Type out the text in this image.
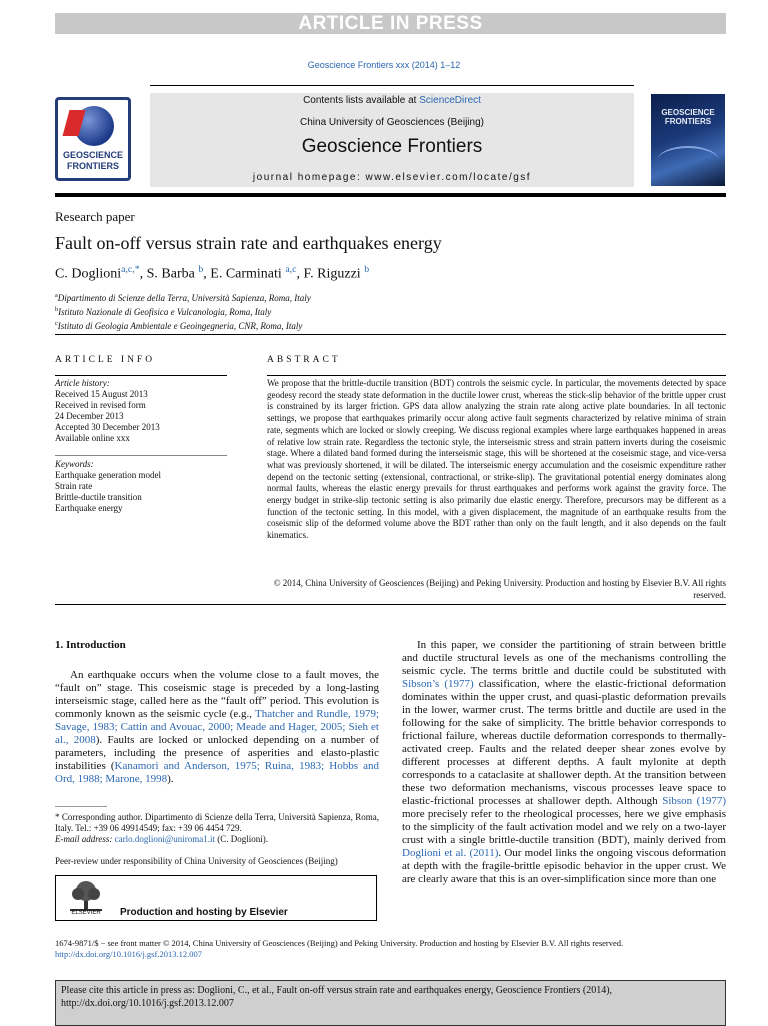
ARTICLE IN PRESS
Geoscience Frontiers xxx (2014) 1–12
GEOSCIENCE
FRONTIERS
Contents lists available at ScienceDirect
China University of Geosciences (Beijing)
Geoscience Frontiers
journal homepage: www.elsevier.com/locate/gsf
GEOSCIENCE
FRONTIERS
Research paper
Fault on-off versus strain rate and earthquakes energy
C. Doglioni$^{a,c,*}$, S. Barba $^b$, E. Carminati $^{a,c}$, F. Riguzzi $^b$
$^a$Dipartimento di Scienze della Terra, Università Sapienza, Roma, Italy
$^b$Istituto Nazionale di Geofisica e Vulcanologia, Roma, Italy
$^c$Istituto di Geologia Ambientale e Geoingegneria, CNR, Roma, Italy
ARTICLE INFO
Article history:
Received 15 August 2013
Received in revised form
24 December 2013
Accepted 30 December 2013
Available online xxx
Keywords:
Earthquake generation model
Strain rate
Brittle-ductile transition
Earthquake energy
ABSTRACT
We propose that the brittle-ductile transition (BDT) controls the seismic cycle. In particular, the movements detected by space geodesy record the steady state deformation in the ductile lower crust, whereas the stick-slip behavior of the brittle upper crust is constrained by its larger friction. GPS data allow analyzing the strain rate along active plate boundaries. In all tectonic settings, we propose that earthquakes primarily occur along active fault segments characterized by relative minima of strain rate, segments which are locked or slowly creeping. We discuss regional examples where large earthquakes happened in areas of relative low strain rate. Regardless the tectonic style, the interseismic stress and strain pattern inverts during the coseismic stage. Where a dilated band formed during the interseismic stage, this will be shortened at the coseismic stage, and vice-versa what was previously shortened, it will be dilated. The interseismic energy accumulation and the coseismic expenditure rather depend on the tectonic setting (extensional, contractional, or strike-slip). The gravitational potential energy dominates along normal faults, whereas the elastic energy prevails for thrust earthquakes and performs work against the gravity force. The energy budget in strike-slip tectonic setting is also primarily due elastic energy. Therefore, precursors may be different as a function of the tectonic setting. In this model, with a given displacement, the magnitude of an earthquake results from the coseismic slip of the deformed volume above the BDT rather than only on the fault length, and it also depends on the fault kinematics.
© 2014, China University of Geosciences (Beijing) and Peking University. Production and hosting by Elsevier B.V. All rights reserved.
1. Introduction
An earthquake occurs when the volume close to a fault moves, the “fault on” stage. This coseismic stage is preceded by a long-lasting interseismic stage, called here as the “fault off” period. This evolution is commonly known as the seismic cycle (e.g., Thatcher and Rundle, 1979; Savage, 1983; Cattin and Avouac, 2000; Meade and Hager, 2005; Sieh et al., 2008). Faults are locked or unlocked depending on a number of parameters, including the presence of asperities and elasto-plastic instabilities (Kanamori and Anderson, 1975; Ruina, 1983; Hobbs and Ord, 1988; Marone, 1998).
* Corresponding author. Dipartimento di Scienze della Terra, Università Sapienza, Roma, Italy. Tel.: +39 06 49914549; fax: +39 06 4454 729.
E-mail address: carlo.doglioni@uniroma1.it (C. Doglioni).
Peer-review under responsibility of China University of Geosciences (Beijing)
ELSEVIER	Production and hosting by Elsevier
In this paper, we consider the partitioning of strain between brittle and ductile structural levels as one of the mechanisms controlling the seismic cycle. The terms brittle and ductile could be substituted with Sibson’s (1977) classification, where the elastic-frictional deformation dominates within the upper crust, and quasi-plastic deformation prevails in the lower, warmer crust. The terms brittle and ductile are used in the following for the sake of simplicity. The brittle behavior corresponds to frictional failure, whereas ductile deformation corresponds to thermally-activated creep. Faults and the related deeper shear zones evolve by different processes at different depths. A fault mylonite at depth corresponds to a cataclasite at shallower depth. At the transition between these two deformation mechanisms, viscous processes leave space to elastic-frictional processes at shallower depth. Although Sibson (1977) more precisely refer to the rheological processes, here we give emphasis to the simplicity of the fault activation model and we rely on a two-layer crust with a single brittle-ductile transition (BDT), mainly derived from Doglioni et al. (2011). Our model links the ongoing viscous deformation at depth with the fragile-brittle episodic behavior in the upper crust. We are clearly aware that this is an over-simplification since more than one
1674-9871/$ − see front matter © 2014, China University of Geosciences (Beijing) and Peking University. Production and hosting by Elsevier B.V. All rights reserved.
http://dx.doi.org/10.1016/j.gsf.2013.12.007
Please cite this article in press as: Doglioni, C., et al., Fault on-off versus strain rate and earthquakes energy, Geoscience Frontiers (2014), http://dx.doi.org/10.1016/j.gsf.2013.12.007
